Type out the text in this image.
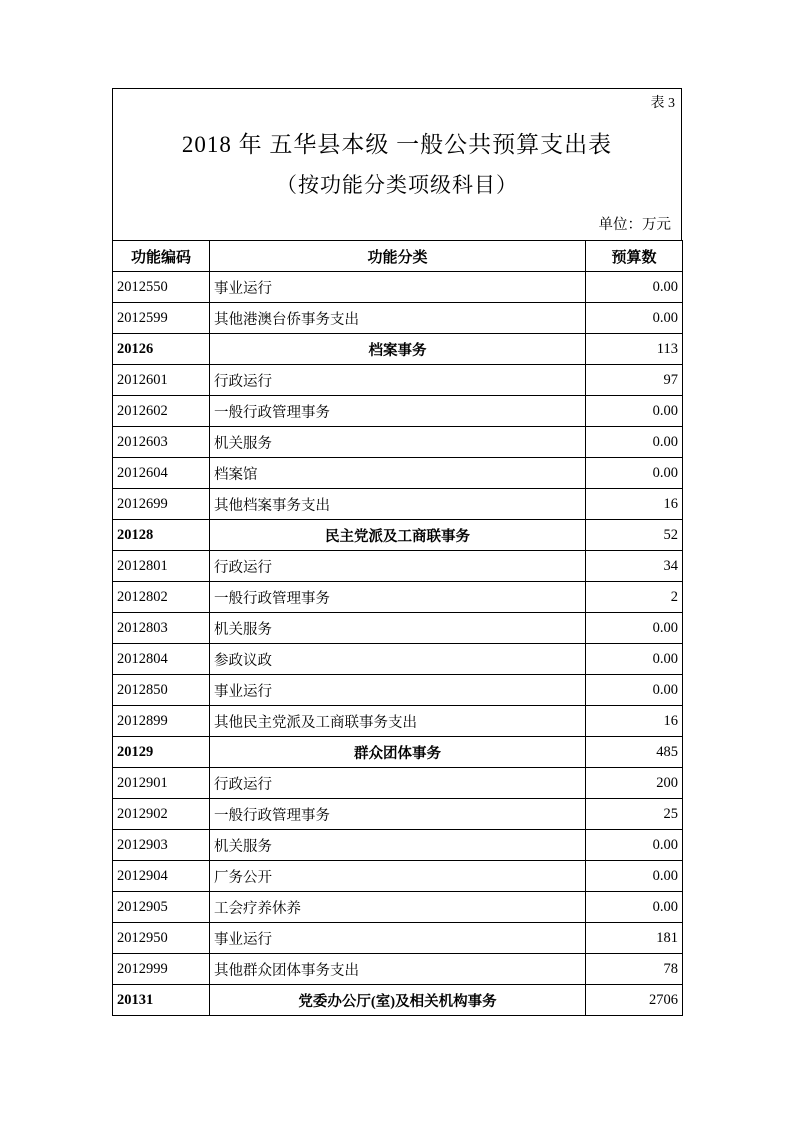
表 3
2018 年 五华县本级 一般公共预算支出表
（按功能分类项级科目）
单位：万元
功能编码	功能分类	预算数
2012550	事业运行	0.00
2012599	其他港澳台侨事务支出	0.00
20126	档案事务	113
2012601	行政运行	97
2012602	一般行政管理事务	0.00
2012603	机关服务	0.00
2012604	档案馆	0.00
2012699	其他档案事务支出	16
20128	民主党派及工商联事务	52
2012801	行政运行	34
2012802	一般行政管理事务	2
2012803	机关服务	0.00
2012804	参政议政	0.00
2012850	事业运行	0.00
2012899	其他民主党派及工商联事务支出	16
20129	群众团体事务	485
2012901	行政运行	200
2012902	一般行政管理事务	25
2012903	机关服务	0.00
2012904	厂务公开	0.00
2012905	工会疗养休养	0.00
2012950	事业运行	181
2012999	其他群众团体事务支出	78
20131	党委办公厅(室)及相关机构事务	2706
